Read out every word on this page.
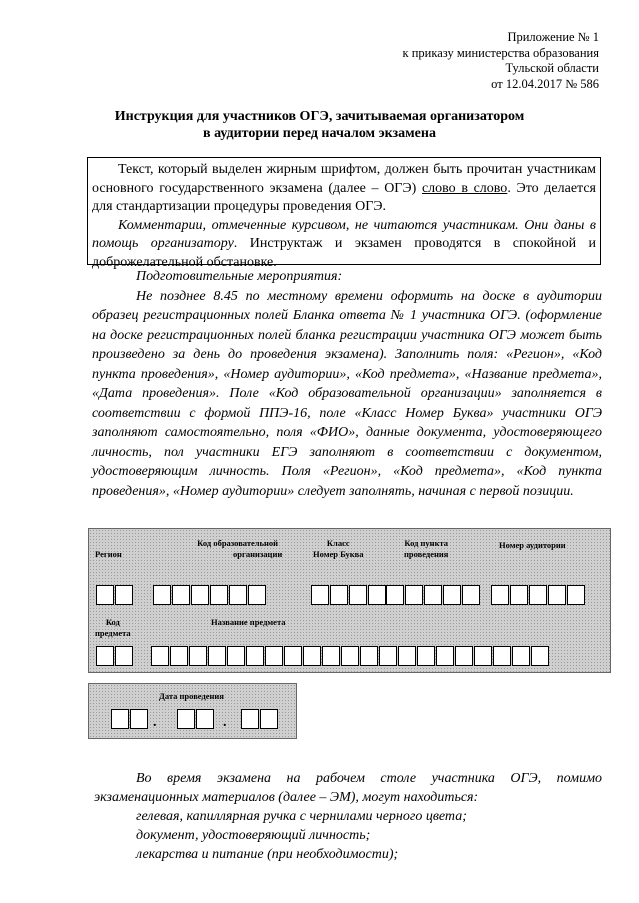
Приложение № 1
к приказу министерства образования
Тульской области
от 12.04.2017 № 586
Инструкция для участников ОГЭ, зачитываемая организатором
в аудитории перед началом экзамена

Текст, который выделен жирным шрифтом, должен быть прочитан участникам основного государственного экзамена (далее – ОГЭ) слово в слово. Это делается для стандартизации процедуры проведения ОГЭ.

Комментарии, отмеченные курсивом, не читаются участникам. Они даны в помощь организатору. Инструктаж и экзамен проводятся в спокойной и доброжелательной обстановке.

Подготовительные мероприятия:

Не позднее 8.45 по местному времени оформить на доске в аудитории образец регистрационных полей Бланка ответа № 1 участника ОГЭ. (оформление на доске регистрационных полей бланка регистрации участника ОГЭ может быть произведено за день до проведения экзамена). Заполнить поля: «Регион», «Код пункта проведения», «Номер аудитории», «Код предмета», «Название предмета», «Дата проведения». Поле «Код образовательной организации» заполняется в соответствии с формой ППЭ-16, поле «Класс Номер Буква» участники ОГЭ заполняют самостоятельно, поля «ФИО», данные документа, удостоверяющего личность, пол участники ЕГЭ заполняют в соответствии с документом, удостоверяющим личность. Поля «Регион», «Код предмета», «Код пункта проведения», «Номер аудитории» следует заполнять, начиная с первой позиции.

Регион
Код образовательной
организации
Класс
Номер Буква
Код пункта
проведения
Номер аудитории
Код
предмета
Название предмета
Дата проведения
.	.

Во время экзамена на рабочем столе участника ОГЭ, помимо экзаменационных материалов (далее – ЭМ), могут находиться:

гелевая, капиллярная ручка с чернилами черного цвета;

документ, удостоверяющий личность;

лекарства и питание (при необходимости);
